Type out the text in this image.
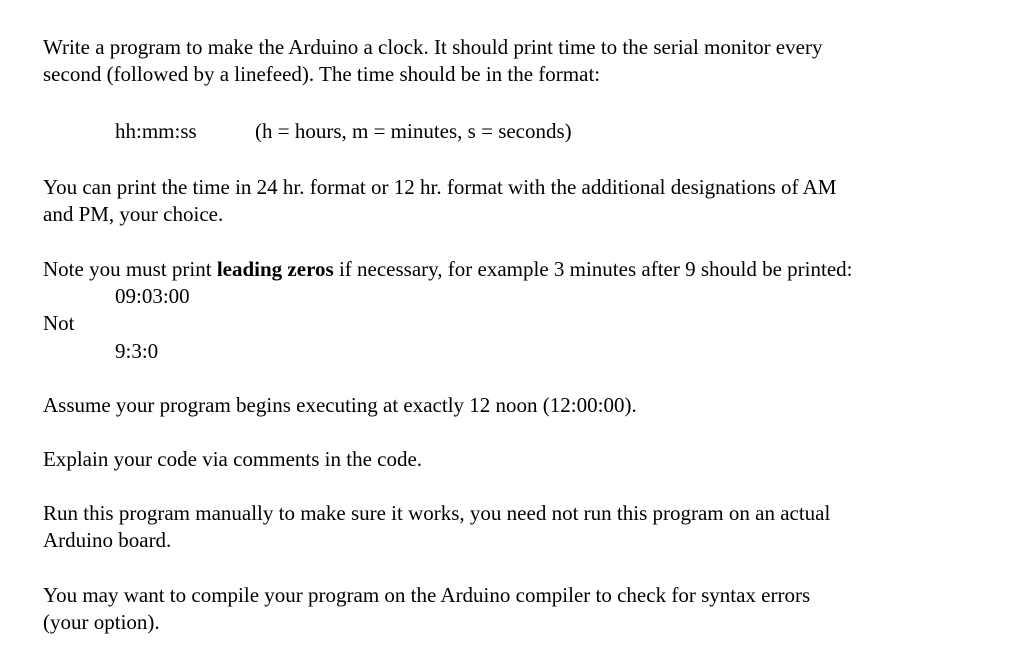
Write a program to make the Arduino a clock. It should print time to the serial monitor every
second (followed by a linefeed). The time should be in the format:
hh:mm:ss	(h = hours, m = minutes, s = seconds)
You can print the time in 24 hr. format or 12 hr. format with the additional designations of AM
and PM, your choice.
Note you must print leading zeros if necessary, for example 3 minutes after 9 should be printed:
09:03:00
Not
9:3:0
Assume your program begins executing at exactly 12 noon (12:00:00).
Explain your code via comments in the code.
Run this program manually to make sure it works, you need not run this program on an actual
Arduino board.
You may want to compile your program on the Arduino compiler to check for syntax errors
(your option).
